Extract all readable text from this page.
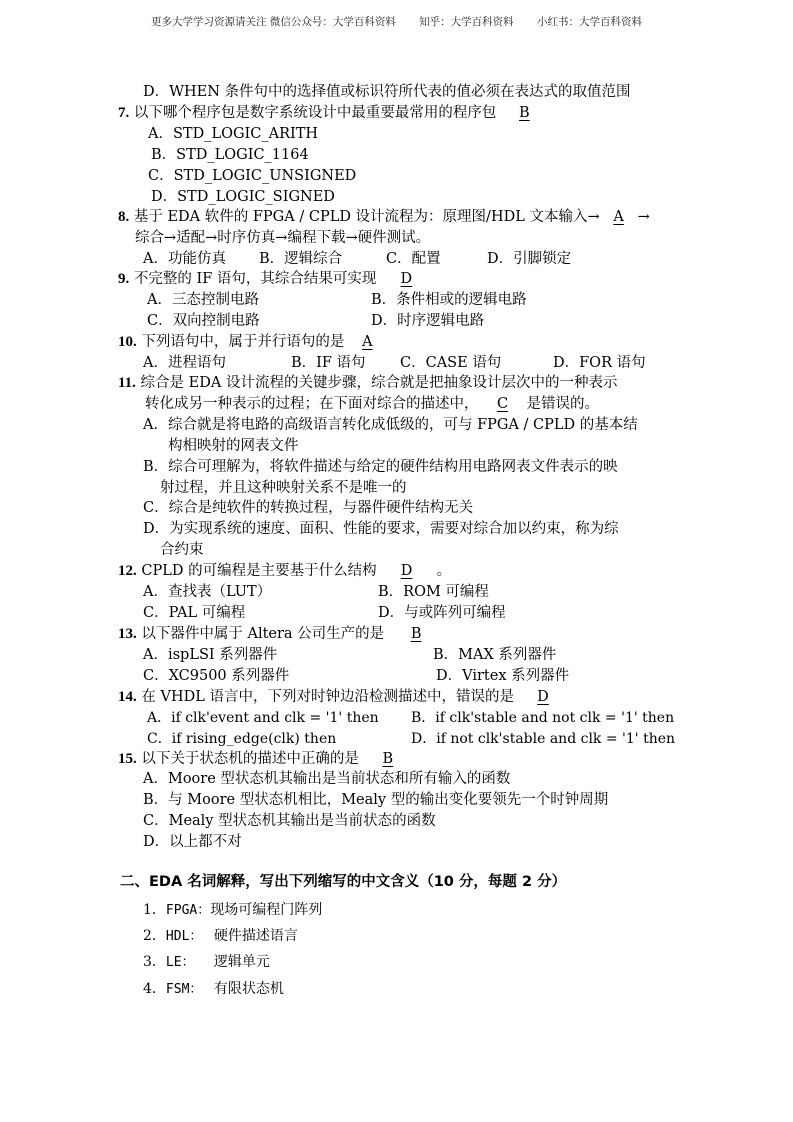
更多大学学习资源请关注 微信公众号：大学百科资料 知乎：大学百科资料 小红书：大学百科资料
D．WHEN 条件句中的选择值或标识符所代表的值必须在表达式的取值范围
7. 以下哪个程序包是数字系统设计中最重要最常用的程序包 B
A．STD_LOGIC_ARITH
B．STD_LOGIC_1164
C．STD_LOGIC_UNSIGNED
D．STD_LOGIC_SIGNED
8. 基于 EDA 软件的 FPGA / CPLD 设计流程为：原理图/HDL 文本输入→ A →
综合→适配→时序仿真→编程下载→硬件测试。
A．功能仿真 B．逻辑综合	C．配置	D．引脚锁定
9. 不完整的 IF 语句，其综合结果可实现 D
A．三态控制电路	B．条件相或的逻辑电路
C．双向控制电路	D．时序逻辑电路
10. 下列语句中，属于并行语句的是 A
A．进程语句	B．IF 语句 C．CASE 语句	D．FOR 语句
11. 综合是 EDA 设计流程的关键步骤，综合就是把抽象设计层次中的一种表示
转化成另一种表示的过程；在下面对综合的描述中， C 是错误的。
A．综合就是将电路的高级语言转化成低级的，可与 FPGA / CPLD 的基本结
构相映射的网表文件
B．综合可理解为，将软件描述与给定的硬件结构用电路网表文件表示的映
射过程，并且这种映射关系不是唯一的
C．综合是纯软件的转换过程，与器件硬件结构无关
D．为实现系统的速度、面积、性能的要求，需要对综合加以约束，称为综
合约束
12. CPLD 的可编程是主要基于什么结构 D 。
A．查找表（LUT）	B．ROM 可编程
C．PAL 可编程	D．与或阵列可编程
13. 以下器件中属于 Altera 公司生产的是 B
A．ispLSI 系列器件	B．MAX 系列器件
C．XC9500 系列器件	D．Virtex 系列器件
14. 在 VHDL 语言中，下列对时钟边沿检测描述中，错误的是 D
A．if clk'event and clk = '1' then B．if clk'stable and not clk = '1' then
C．if rising_edge(clk) then	D．if not clk'stable and clk = '1' then
15. 以下关于状态机的描述中正确的是 B
A．Moore 型状态机其输出是当前状态和所有输入的函数
B．与 Moore 型状态机相比，Mealy 型的输出变化要领先一个时钟周期
C．Mealy 型状态机其输出是当前状态的函数
D．以上都不对
二、EDA 名词解释，写出下列缩写的中文含义（10 分，每题 2 分）
1．FPGA：现场可编程门阵列
2．HDL： 硬件描述语言
3．LE： 逻辑单元
4．FSM： 有限状态机
